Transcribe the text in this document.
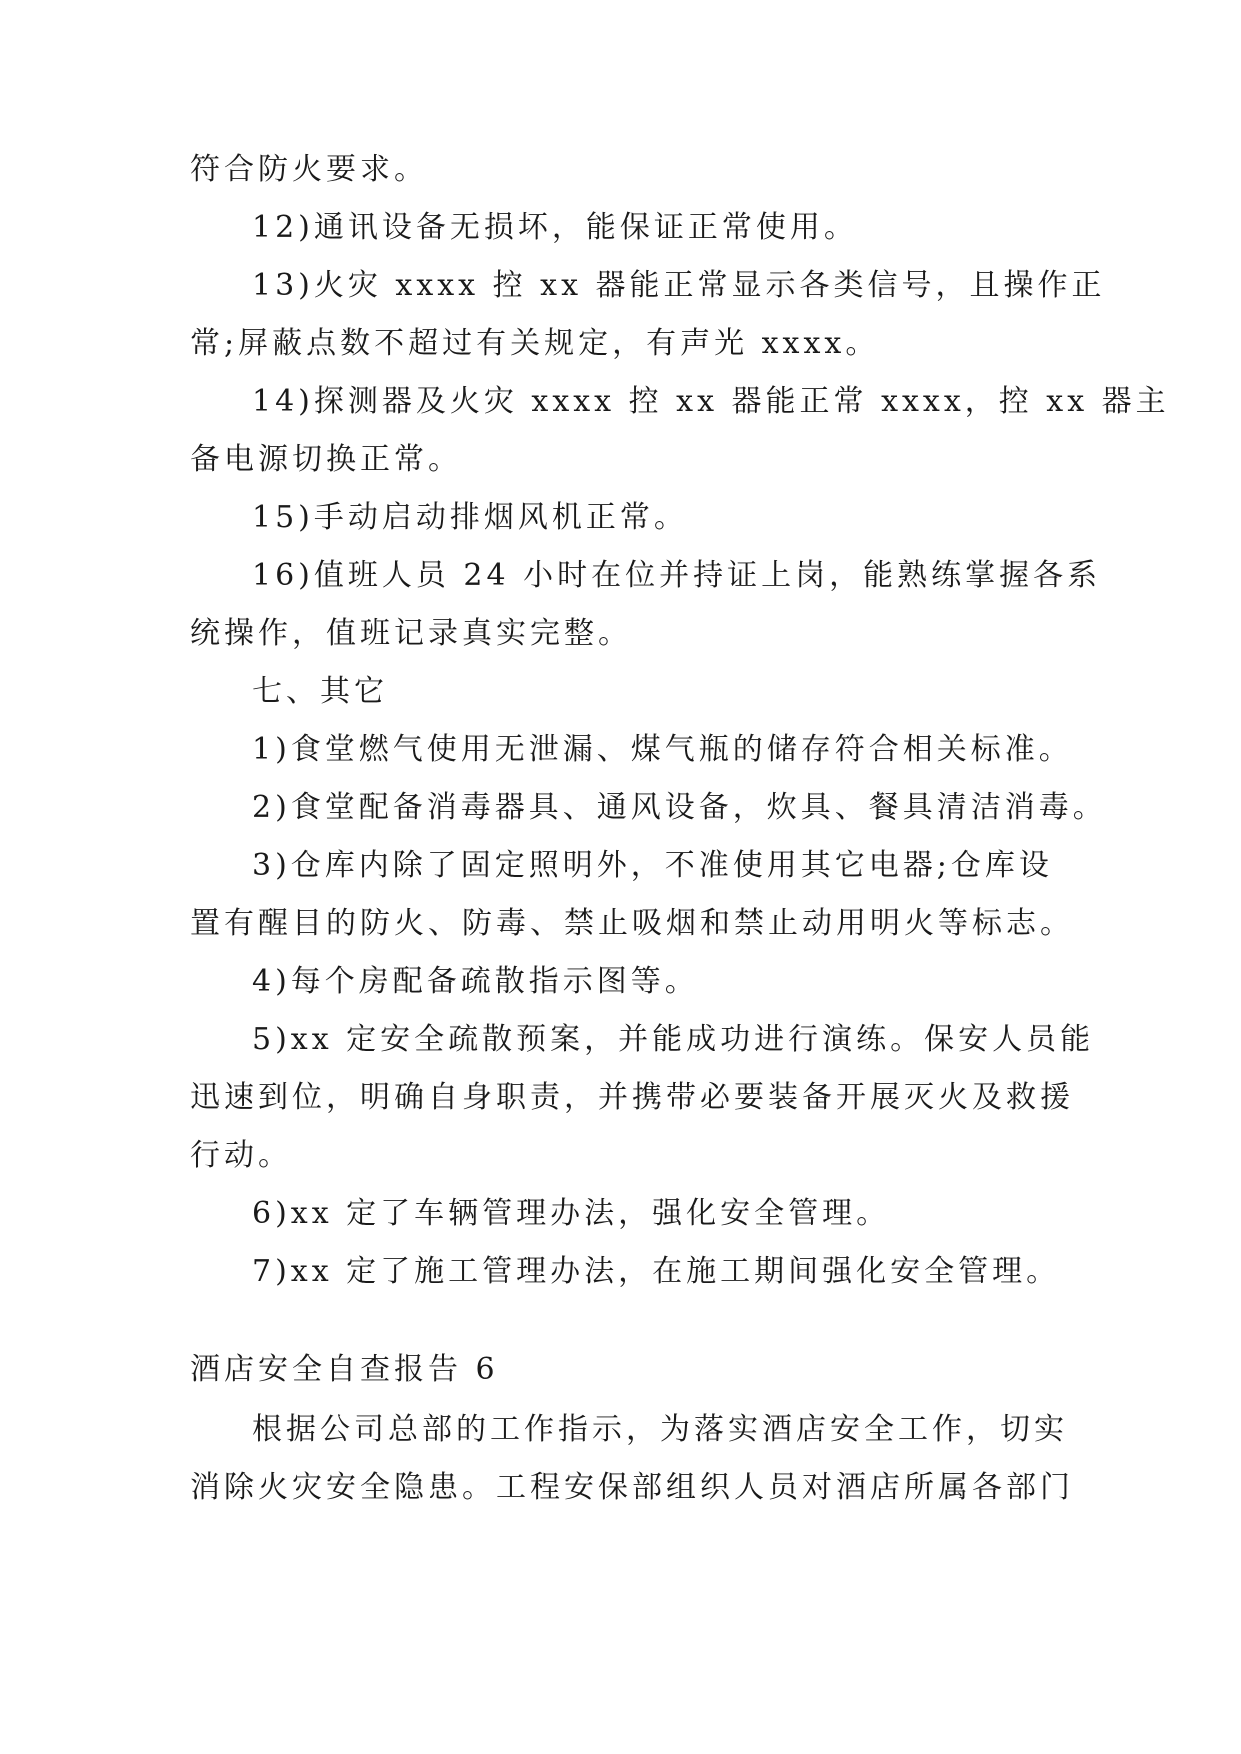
符合防火要求。
12)通讯设备无损坏，能保证正常使用。
13)火灾 xxxx 控 xx 器能正常显示各类信号，且操作正
常;屏蔽点数不超过有关规定，有声光 xxxx。
14)探测器及火灾 xxxx 控 xx 器能正常 xxxx，控 xx 器主
备电源切换正常。
15)手动启动排烟风机正常。
16)值班人员 24 小时在位并持证上岗，能熟练掌握各系
统操作，值班记录真实完整。
七、其它
1)食堂燃气使用无泄漏、煤气瓶的储存符合相关标准。
2)食堂配备消毒器具、通风设备，炊具、餐具清洁消毒。
3)仓库内除了固定照明外，不准使用其它电器;仓库设
置有醒目的防火、防毒、禁止吸烟和禁止动用明火等标志。
4)每个房配备疏散指示图等。
5)xx 定安全疏散预案，并能成功进行演练。保安人员能
迅速到位，明确自身职责，并携带必要装备开展灭火及救援
行动。
6)xx 定了车辆管理办法，强化安全管理。
7)xx 定了施工管理办法，在施工期间强化安全管理。
酒店安全自查报告 6
根据公司总部的工作指示，为落实酒店安全工作，切实
消除火灾安全隐患。工程安保部组织人员对酒店所属各部门
